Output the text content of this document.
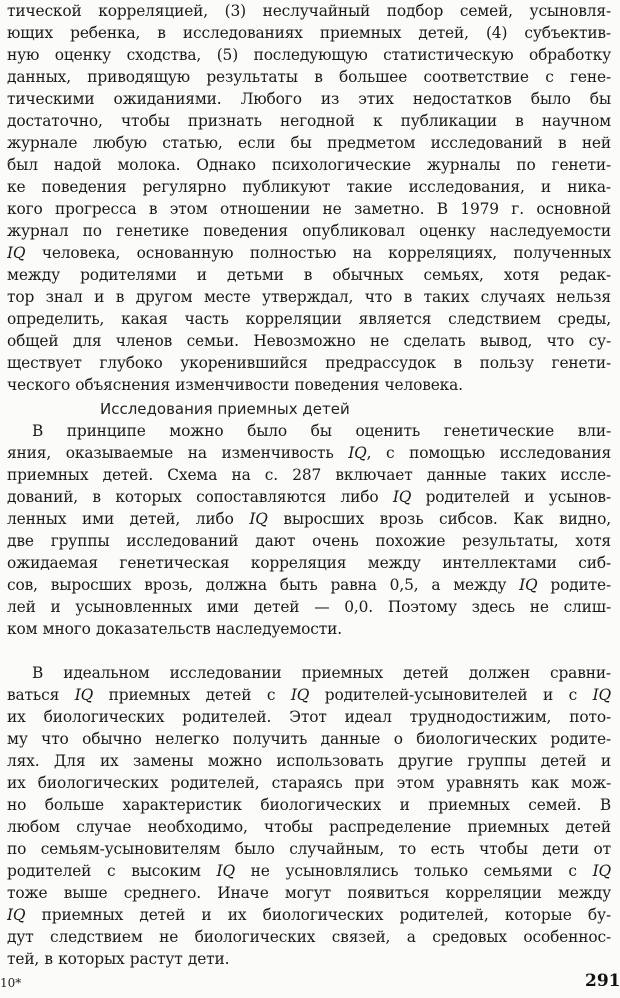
тической корреляцией, (3) неслучайный подбор семей, усыновля-
ющих ребенка, в исследованиях приемных детей, (4) субъектив-
ную оценку сходства, (5) последующую статистическую обработку
данных, приводящую результаты в большее соответствие с гене-
тическими ожиданиями. Любого из этих недостатков было бы
достаточно, чтобы признать негодной к публикации в научном
журнале любую статью, если бы предметом исследований в ней
был надой молока. Однако психологические журналы по генети-
ке поведения регулярно публикуют такие исследования, и ника-
кого прогресса в этом отношении не заметно. В 1979 г. основной
журнал по генетике поведения опубликовал оценку наследуемости
IQ человека, основанную полностью на корреляциях, полученных
между родителями и детьми в обычных семьях, хотя редак-
тор знал и в другом месте утверждал, что в таких случаях нельзя
определить, какая часть корреляции является следствием среды,
общей для членов семьи. Невозможно не сделать вывод, что су-
ществует глубоко укоренившийся предрассудок в пользу генети-
ческого объяснения изменчивости поведения человека.
Исследования приемных детей
В принципе можно было бы оценить генетические вли-
яния, оказываемые на изменчивость IQ, с помощью исследования
приемных детей. Схема на с. 287 включает данные таких иссле-
дований, в которых сопоставляются либо IQ родителей и усынов-
ленных ими детей, либо IQ выросших врозь сибсов. Как видно,
две группы исследований дают очень похожие результаты, хотя
ожидаемая генетическая корреляция между интеллектами сиб-
сов, выросших врозь, должна быть равна 0,5, а между IQ родите-
лей и усыновленных ими детей — 0,0. Поэтому здесь не слиш-
ком много доказательств наследуемости.
В идеальном исследовании приемных детей должен сравни-
ваться IQ приемных детей с IQ родителей-усыновителей и с IQ
их биологических родителей. Этот идеал труднодостижим, пото-
му что обычно нелегко получить данные о биологических родите-
лях. Для их замены можно использовать другие группы детей и
их биологических родителей, стараясь при этом уравнять как мож-
но больше характеристик биологических и приемных семей. В
любом случае необходимо, чтобы распределение приемных детей
по семьям-усыновителям было случайным, то есть чтобы дети от
родителей с высоким IQ не усыновлялись только семьями с IQ
тоже выше среднего. Иначе могут появиться корреляции между
IQ приемных детей и их биологических родителей, которые бу-
дут следствием не биологических связей, а средовых особеннос-
тей, в которых растут дети.
10*	291
